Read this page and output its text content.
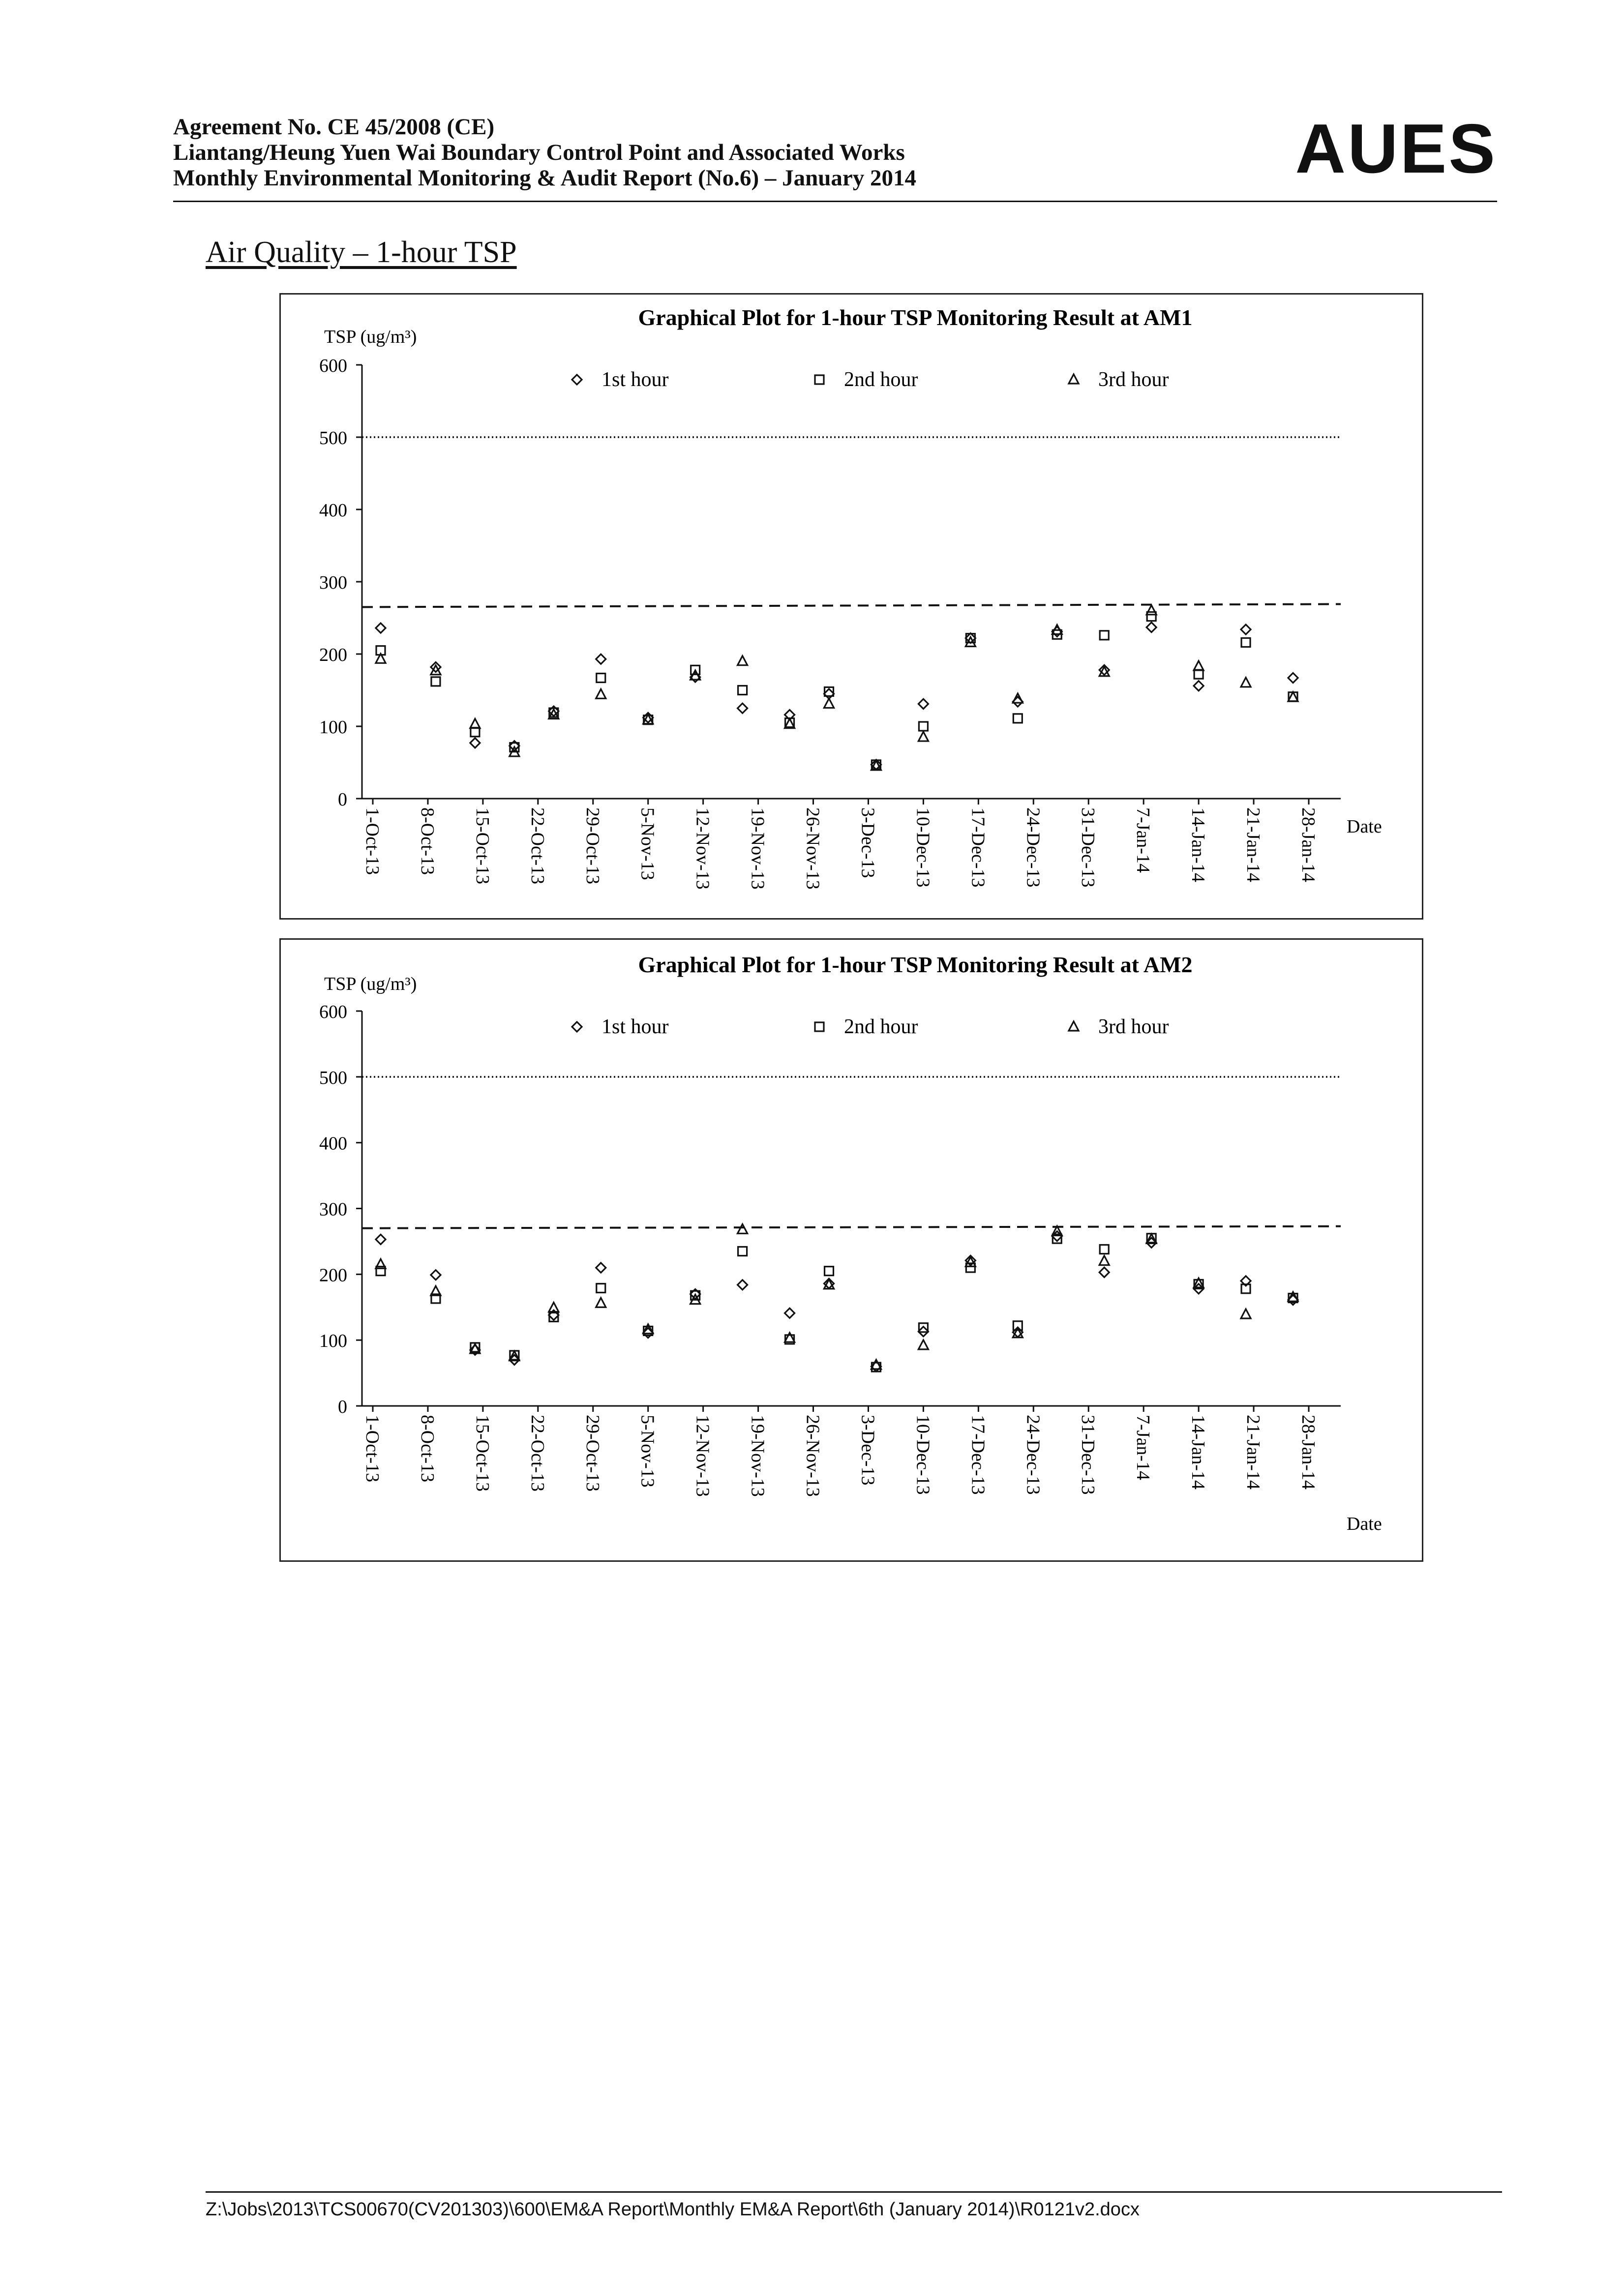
Agreement No. CE 45/2008 (CE)
Liantang/Heung Yuen Wai Boundary Control Point and Associated Works
Monthly Environmental Monitoring & Audit Report (No.6) – January 2014	AUES
Air Quality – 1-hour TSP
Graphical Plot for 1-hour TSP Monitoring Result at AM1
TSP (ug/m³)
0
100
200
300
400
500
600
1-Oct-13 8-Oct-13 15-Oct-13 22-Oct-13 29-Oct-13 5-Nov-13 12-Nov-13 19-Nov-13 26-Nov-13 3-Dec-13 10-Dec-13 17-Dec-13 24-Dec-13 31-Dec-13 7-Jan-14 14-Jan-14 21-Jan-14 28-Jan-14 Date
1st hour	2nd hour	3rd hour
Graphical Plot for 1-hour TSP Monitoring Result at AM2
TSP (ug/m³)
0
100
200
300
400
500
600
1-Oct-13 8-Oct-13 15-Oct-13 22-Oct-13 29-Oct-13 5-Nov-13 12-Nov-13 19-Nov-13 26-Nov-13 3-Dec-13 10-Dec-13 17-Dec-13 24-Dec-13 31-Dec-13 7-Jan-14 14-Jan-14 21-Jan-14 28-Jan-14
Date
1st hour	2nd hour	3rd hour
Z:\Jobs\2013\TCS00670(CV201303)\600\EM&A Report\Monthly EM&A Report\6th (January 2014)\R0121v2.docx
